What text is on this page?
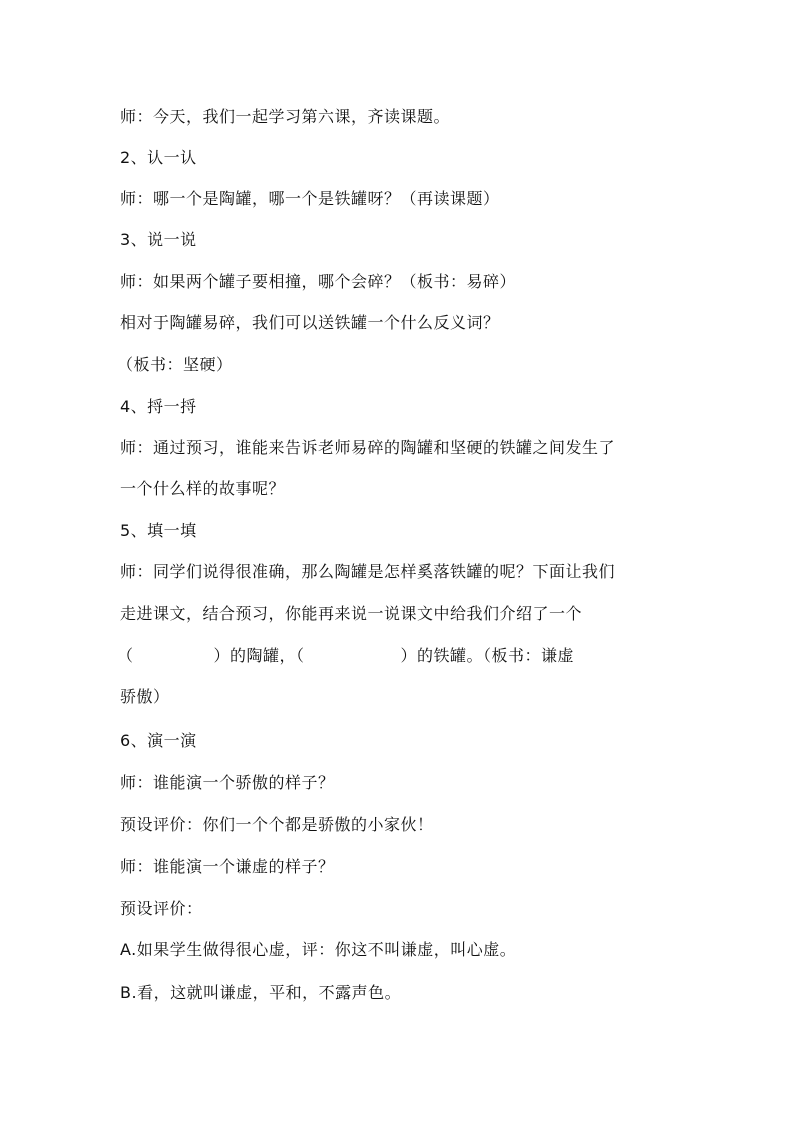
师：今天，我们一起学习第六课，齐读课题。
2、认一认
师：哪一个是陶罐，哪一个是铁罐呀？（再读课题）
3、说一说
师：如果两个罐子要相撞，哪个会碎？（板书：易碎）
相对于陶罐易碎，我们可以送铁罐一个什么反义词？
（板书：坚硬）
4、捋一捋
师：通过预习，谁能来告诉老师易碎的陶罐和坚硬的铁罐之间发生了
一个什么样的故事呢？
5、填一填
师：同学们说得很准确，那么陶罐是怎样奚落铁罐的呢？下面让我们
走进课文，结合预习，你能再来说一说课文中给我们介绍了一个
（	）的陶罐，（	）的铁罐。（板书：谦虚
骄傲）
6、演一演
师：谁能演一个骄傲的样子？
预设评价：你们一个个都是骄傲的小家伙！
师：谁能演一个谦虚的样子？
预设评价：
A.如果学生做得很心虚，评：你这不叫谦虚，叫心虚。
B.看，这就叫谦虚，平和，不露声色。
